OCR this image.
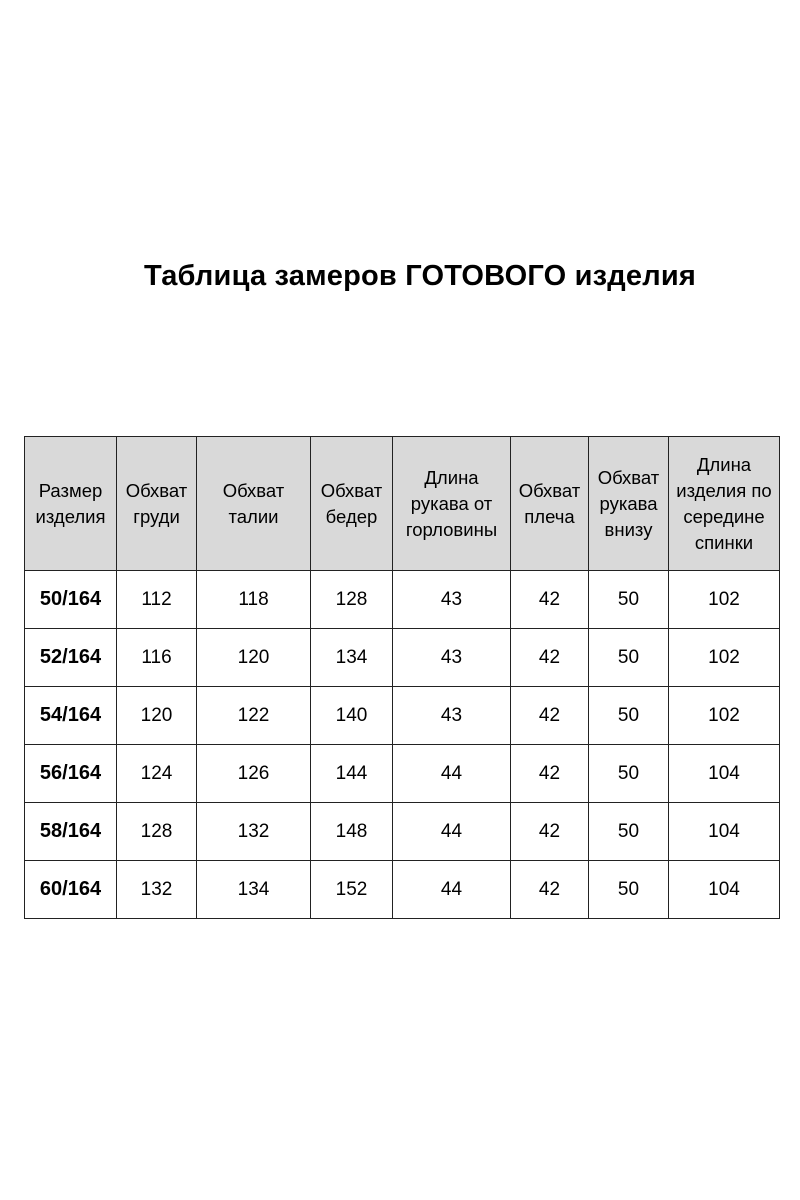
Таблица замеров ГОТОВОГО изделия
Размер изделия	Обхват груди	Обхват талии	Обхват бедер	Длина рукава от горловины	Обхват плеча	Обхват рукава внизу	Длина изделия по середине спинки
50/164	112	118	128	43	42	50	102
52/164	116	120	134	43	42	50	102
54/164	120	122	140	43	42	50	102
56/164	124	126	144	44	42	50	104
58/164	128	132	148	44	42	50	104
60/164	132	134	152	44	42	50	104
